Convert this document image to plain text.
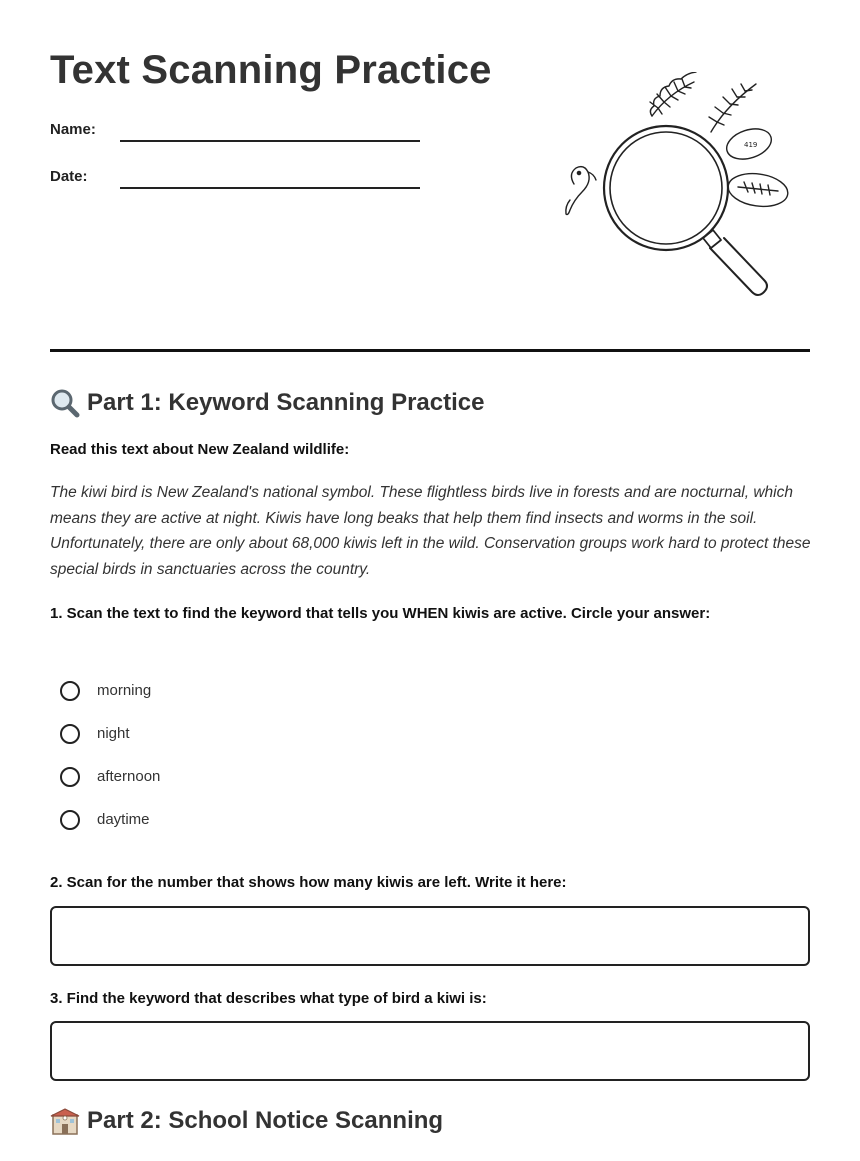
Text Scanning Practice
Name:
Date:
419
Part 1: Keyword Scanning Practice

Read this text about New Zealand wildlife:

The kiwi bird is New Zealand's national symbol. These flightless birds live in forests and are nocturnal, which means they are active at night. Kiwis have long beaks that help them find insects and worms in the soil. Unfortunately, there are only about 68,000 kiwis left in the wild. Conservation groups work hard to protect these special birds in sanctuaries across the country.

1. Scan the text to find the keyword that tells you WHEN kiwis are active. Circle your answer:

morning
night
afternoon
daytime

2. Scan for the number that shows how many kiwis are left. Write it here:

3. Find the keyword that describes what type of bird a kiwi is:

Part 2: School Notice Scanning
